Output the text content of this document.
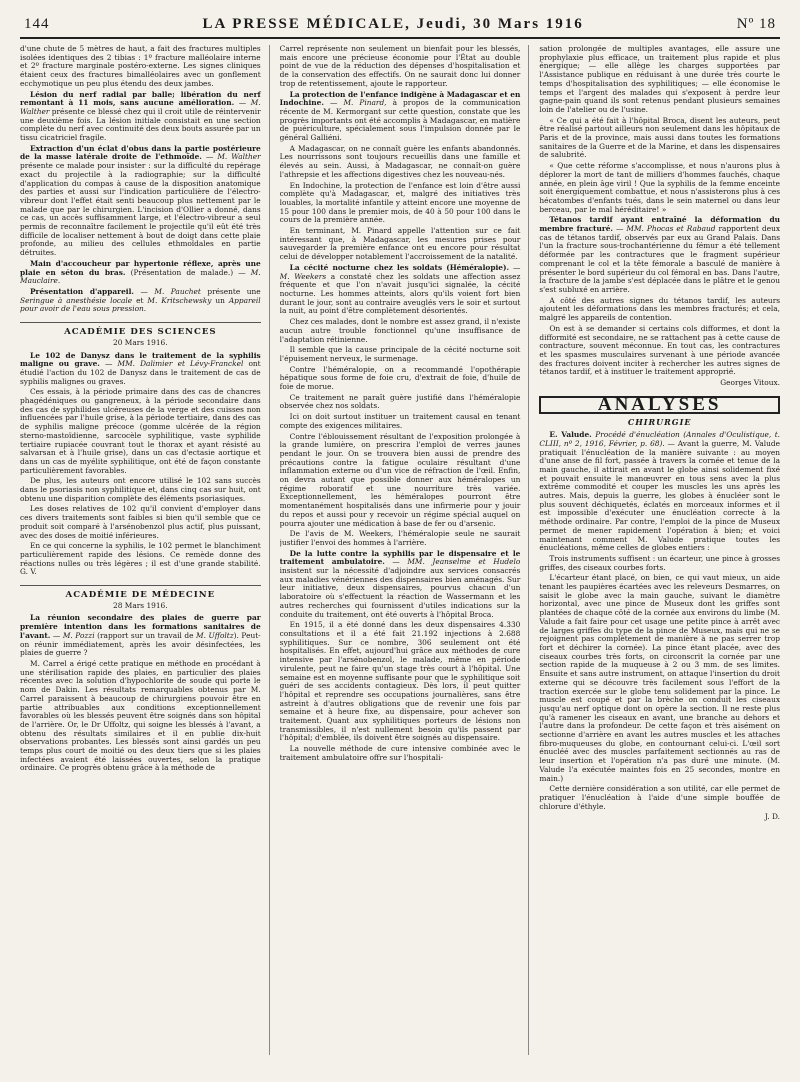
144	LA PRESSE MÉDICALE, Jeudi, 30 Mars 1916	Nº 18

d'une chute de 5 mètres de haut, a fait des fractures multiples isolées identiques des 2 tibias : 1º fracture malléolaire interne et 2º fracture marginale postéro-externe. Les signes cliniques étaient ceux des fractures bimalléolaires avec un gonflement ecchymotique un peu plus étendu des deux jambes.

Lésion du nerf radial par balle; libération du nerf remontant à 11 mois, sans aucune amélioration. — M. Walther présente ce blessé chez qui il croit utile de réintervenir une deuxième fois. La lésion initiale consistait en une section complète du nerf avec continuité des deux bouts assurée par un tissu cicatriciel fragile.

Extraction d'un éclat d'obus dans la partie postérieure de la masse latérale droite de l'ethmoïde. — M. Walther présente ce malade pour insister : sur la difficulté du repérage exact du projectile à la radiographie; sur la difficulté d'application du compas à cause de la disposition anatomique des parties et aussi sur l'indication particulière de l'électro-vibreur dont l'effet était senti beaucoup plus nettement par le malade que par le chirurgien. L'incision d'Ollier a donné, dans ce cas, un accès suffisamment large, et l'électro-vibreur a seul permis de reconnaître facilement le projectile qu'il eût été très difficile de localiser nettement à bout de doigt dans cette plaie profonde, au milieu des cellules ethmoïdales en partie détruites.

Main d'accoucheur par hypertonie réflexe, après une plaie en séton du bras. (Présentation de malade.) — M. Mauclaire.

Présentation d'appareil. — M. Pauchet présente une Seringue à anesthésie locale et M. Kritschewsky un Appareil pour avoir de l'eau sous pression.

ACADÉMIE DES SCIENCES
20 Mars 1916.

Le 102 de Danysz dans le traitement de la syphilis maligne ou grave. — MM. Dalimier et Lévy-Franckel ont étudié l'action du 102 de Danysz dans le traitement de cas de syphilis malignes ou graves.

Ces essais, à la période primaire dans des cas de chancres phagédéniques ou gangreneux, à la période secondaire dans des cas de syphilides ulcéreuses de la verge et des cuisses non influencées par l'huile grise, à la période tertiaire, dans des cas de syphilis maligne précoce (gomme ulcérée de la région sterno-mastoïdienne, sarcocèle syphilitique, vaste syphilide tertiaire rupiacée couvrant tout le thorax et ayant résisté au salvarsan et à l'huile grise), dans un cas d'ectasie aortique et dans un cas de myélite syphilitique, ont été de façon constante particulièrement favorables.

De plus, les auteurs ont encore utilisé le 102 sans succès dans le psoriasis non syphilitique et, dans cinq cas sur huit, ont obtenu une disparition complète des éléments psoriasiques.

Les doses relatives de 102 qu'il convient d'employer dans ces divers traitements sont faibles si bien qu'il semble que ce produit soit comparé à l'arsénobenzol plus actif, plus puissant, avec des doses de moitié inférieures.

En ce qui concerne la syphilis, le 102 permet le blanchiment particulièrement rapide des lésions. Ce remède donne des réactions nulles ou très légères ; il est d'une grande stabilité. G. V.

ACADÉMIE DE MÉDECINE
28 Mars 1916.

La réunion secondaire des plaies de guerre par première intention dans les formations sanitaires de l'avant. — M. Pozzi (rapport sur un travail de M. Uffoltz). Peut-on réunir immédiatement, après les avoir désinfectées, les plaies de guerre ?

M. Carrel a érigé cette pratique en méthode en procédant à une stérilisation rapide des plaies, en particulier des plaies récentes avec la solution d'hypochlorite de soude qui porte le nom de Dakin. Les résultats remarquables obtenus par M. Carrel paraissent à beaucoup de chirurgiens pouvoir être en partie attribuables aux conditions exceptionnellement favorables où les blessés peuvent être soignés dans son hôpital de l'arrière. Or, le Dr Uffoltz, qui soigne les blessés à l'avant, a obtenu des résultats similaires et il en publie dix-huit observations probantes. Les blessés sont ainsi gardés un peu temps plus court de moitié ou des deux tiers que si les plaies infectées avaient été laissées ouvertes, selon la pratique ordinaire. Ce progrès obtenu grâce à la méthode de

Carrel représente non seulement un bienfait pour les blessés, mais encore une précieuse économie pour l'État au double point de vue de la réduction des dépenses d'hospitalisation et de la conservation des effectifs. On ne saurait donc lui donner trop de retentissement, ajoute le rapporteur.

La protection de l'enfance indigène à Madagascar et en Indochine. — M. Pinard, à propos de la communication récente de M. Kermorgant sur cette question, constate que les progrès importants ont été accomplis à Madagascar, en matière de puériculture, spécialement sous l'impulsion donnée par le général Galliéni.

A Madagascar, on ne connaît guère les enfants abandonnés. Les nourrissons sont toujours recueillis dans une famille et élevés au sein. Aussi, à Madagascar, ne connaît-on guère l'athrepsie et les affections digestives chez les nouveau-nés.

En Indochine, la protection de l'enfance est loin d'être aussi complète qu'à Madagascar, et, malgré des initiatives très louables, la mortalité infantile y atteint encore une moyenne de 15 pour 100 dans le premier mois, de 40 à 50 pour 100 dans le cours de la première année.

En terminant, M. Pinard appelle l'attention sur ce fait intéressant que, à Madagascar, les mesures prises pour sauvegarder la première enfance ont eu encore pour résultat celui de développer notablement l'accroissement de la natalité.

La cécité nocturne chez les soldats (Héméralopie). — M. Weekers a constaté chez les soldats une affection assez fréquente et que l'on n'avait jusqu'ici signalée, la cécité nocturne. Les hommes atteints, alors qu'ils voient fort bien durant le jour, sont au contraire aveuglés vers le soir et surtout la nuit, au point d'être complètement désorientés.

Chez ces malades, dont le nombre est assez grand, il n'existe aucun autre trouble fonctionnel qu'une insuffisance de l'adaptation rétinienne.

Il semble que la cause principale de la cécité nocturne soit l'épuisement nerveux, le surmenage.

Contre l'héméralopie, on a recommandé l'opothérapie hépatique sous forme de foie cru, d'extrait de foie, d'huile de foie de morue.

Ce traitement ne paraît guère justifié dans l'héméralopie observée chez nos soldats.

Ici on doit surtout instituer un traitement causal en tenant compte des exigences militaires.

Contre l'éblouissement résultant de l'exposition prolongée à la grande lumière, on prescrira l'emploi de verres jaunes pendant le jour. On se trouvera bien aussi de prendre des précautions contre la fatigue oculaire résultant d'une inflammation externe ou d'un vice de réfraction de l'œil. Enfin, on devra autant que possible donner aux héméralopes un régime roboratif et une nourriture très variée. Exceptionnellement, les héméralopes pourront être momentanément hospitalisés dans une infirmerie pour y jouir du repos et aussi pour y recevoir un régime spécial auquel on pourra ajouter une médication à base de fer ou d'arsenic.

De l'avis de M. Weekers, l'héméralopie seule ne saurait justifier l'envoi des hommes à l'arrière.

De la lutte contre la syphilis par le dispensaire et le traitement ambulatoire. — MM. Jeanselme et Hudelo insistent sur la nécessité d'adjoindre aux services consacrés aux maladies vénériennes des dispensaires bien aménagés. Sur leur initiative, deux dispensaires, pourvus chacun d'un laboratoire où s'effectuent la réaction de Wassermann et les autres recherches qui fournissent d'utiles indications sur la conduite du traitement, ont été ouverts à l'hôpital Broca.

En 1915, il a été donné dans les deux dispensaires 4.330 consultations et il a été fait 21.192 injections à 2.688 syphilitiques. Sur ce nombre, 306 seulement ont été hospitalisés. En effet, aujourd'hui grâce aux méthodes de cure intensive par l'arsénobenzol, le malade, même en période virulente, peut ne faire qu'un stage très court à l'hôpital. Une semaine est en moyenne suffisante pour que le syphilitique soit guéri de ses accidents contagieux. Dès lors, il peut quitter l'hôpital et reprendre ses occupations journalières, sans être astreint à d'autres obligations que de revenir une fois par semaine et à heure fixe, au dispensaire, pour achever son traitement. Quant aux syphilitiques porteurs de lésions non transmissibles, il n'est nullement besoin qu'ils passent par l'hôpital; d'emblée, ils doivent être soignés au dispensaire.

La nouvelle méthode de cure intensive combinée avec le traitement ambulatoire offre sur l'hospitali-

sation prolongée de multiples avantages, elle assure une prophylaxie plus efficace, un traitement plus rapide et plus énergique; — elle allège les charges supportées par l'Assistance publique en réduisant à une durée très courte le temps d'hospitalisation des syphilitiques; — elle économise le temps et l'argent des malades qui s'exposent à perdre leur gagne-pain quand ils sont retenus pendant plusieurs semaines loin de l'atelier ou de l'usine.

« Ce qui a été fait à l'hôpital Broca, disent les auteurs, peut être réalisé partout ailleurs non seulement dans les hôpitaux de Paris et de la province, mais aussi dans toutes les formations sanitaires de la Guerre et de la Marine, et dans les dispensaires de salubrité.

« Que cette réforme s'accomplisse, et nous n'aurons plus à déplorer la mort de tant de milliers d'hommes fauchés, chaque année, en plein âge viril ! Que la syphilis de la femme enceinte soit énergiquement combattue, et nous n'assisterons plus à ces hécatombes d'enfants tués, dans le sein maternel ou dans leur berceau, par le mal héréditaire! »

Tétanos tardif ayant entraîné la déformation du membre fracturé. — MM. Phocas et Rabaud rapportent deux cas de tétanos tardif, observés par eux au Grand Palais. Dans l'un la fracture sous-trochantérienne du fémur a été tellement déformée par les contractures que le fragment supérieur comprenant le col et la tête fémorale a basculé de manière à présenter le bord supérieur du col fémoral en bas. Dans l'autre, la fracture de la jambe s'est déplacée dans le plâtre et le genou s'est subluxé en arrière.

A côté des autres signes du tétanos tardif, les auteurs ajoutent les déformations dans les membres fracturés; et cela, malgré les appareils de contention.

On est à se demander si certains cols difformes, et dont la difformité est secondaire, ne se rattachent pas à cette cause de contracture, souvent méconnue. En tout cas, les contractures et les spasmes musculaires survenant à une période avancée des fractures doivent inciter à rechercher les autres signes de tétanos tardif, et à instituer le traitement approprié.

Georges Vitoux.
ANALYSES
CHIRURGIE

E. Valude. Procédé d'énucléation (Annales d'Oculistique, t. CLIII, nº 2, 1916, Février, p. 68). — Avant la guerre, M. Valude pratiquait l'énucléation de la manière suivante : au moyen d'une anse de fil fort, passée à travers la cornée et tenue de la main gauche, il attirait en avant le globe ainsi solidement fixé et pouvait ensuite le manœuvrer en tous sens avec la plus extrême commodité et couper les muscles les uns après les autres. Mais, depuis la guerre, les globes à énucléer sont le plus souvent déchiquetés, éclatés en morceaux informes et il est impossible d'exécuter une énucléation correcte à la méthode ordinaire. Par contre, l'emploi de la pince de Museux permet de mener rapidement l'opération à bien; et voici maintenant comment M. Valude pratique toutes les énucléations, même celles de globes entiers :

Trois instruments suffisent : un écarteur, une pince à grosses griffes, des ciseaux courbes forts.

L'écarteur étant placé, on bien, ce qui vaut mieux, un aide tenant les paupières écartées avec les releveurs Desmarres, on saisit le globe avec la main gauche, suivant le diamètre horizontal, avec une pince de Museux dont les griffes sont plantées de chaque côté de la cornée aux environs du limbe (M. Valude a fait faire pour cet usage une petite pince à arrêt avec de larges griffes du type de la pince de Museux, mais qui ne se rejoignent pas complètement de manière à ne pas serrer trop fort et déchirer la cornée). La pince étant placée, avec des ciseaux courbes très forts, on circonscrit la cornée par une section rapide de la muqueuse à 2 ou 3 mm. de ses limites. Ensuite et sans autre instrument, on attaque l'insertion du droit externe qui se découvre très facilement sous l'effort de la traction exercée sur le globe tenu solidement par la pince. Le muscle est coupé et par la brèche on conduit les ciseaux jusqu'au nerf optique dont on opère la section. Il ne reste plus qu'à ramener les ciseaux en avant, une branche au dehors et l'autre dans la profondeur. De cette façon et très aisément on sectionne d'arrière en avant les autres muscles et les attaches fibro-muqueuses du globe, en contournant celui-ci. L'œil sort énucléé avec des muscles parfaitement sectionnés au ras de leur insertion et l'opération n'a pas duré une minute. (M. Valude l'a exécutée maintes fois en 25 secondes, montre en main.)

Cette dernière considération a son utilité, car elle permet de pratiquer l'énucléation à l'aide d'une simple bouffée de chlorure d'éthyle.

J. D.
